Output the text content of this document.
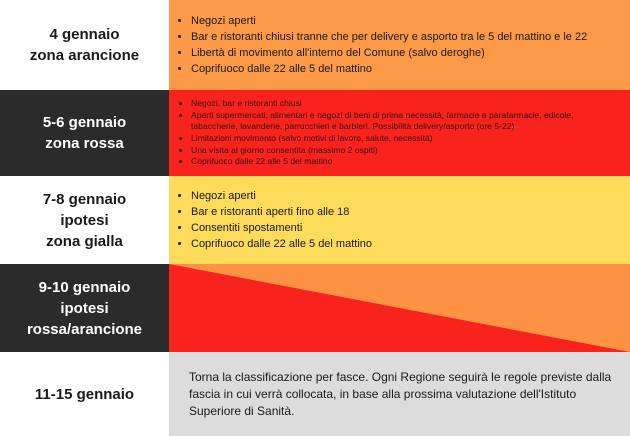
4 gennaio
zona arancione
• Negozi aperti
• Bar e ristoranti chiusi tranne che per delivery e asporto tra le 5 del mattino e le 22
• Libertà di movimento all'interno del Comune (salvo deroghe)
• Coprifuoco dalle 22 alle 5 del mattino
5-6 gennaio
zona rossa
• Negozi, bar e ristoranti chiusi
• Aperti supermercati, alimentari e negozi di beni di prima necessità, farmacie e parafarmacie, edicole, tabaccherie, lavanderie, parrucchieri e barbieri. Possibilità delivery/asporto (ore 5-22)
• Limitazioni movimento (salvo motivi di lavoro, salute, necessità)
• Una visita al giorno consentita (massimo 2 ospiti)
• Coprifuoco dalle 22 alle 5 del mattino
7-8 gennaio
ipotesi
zona gialla
• Negozi aperti
• Bar e ristoranti aperti fino alle 18
• Consentiti spostamenti
• Coprifuoco dalle 22 alle 5 del mattino
9-10 gennaio
ipotesi
rossa/arancione
11-15 gennaio

Torna la classificazione per fasce. Ogni Regione seguirà le regole previste dalla fascia in cui verrà collocata, in base alla prossima valutazione dell'Istituto Superiore di Sanità.
